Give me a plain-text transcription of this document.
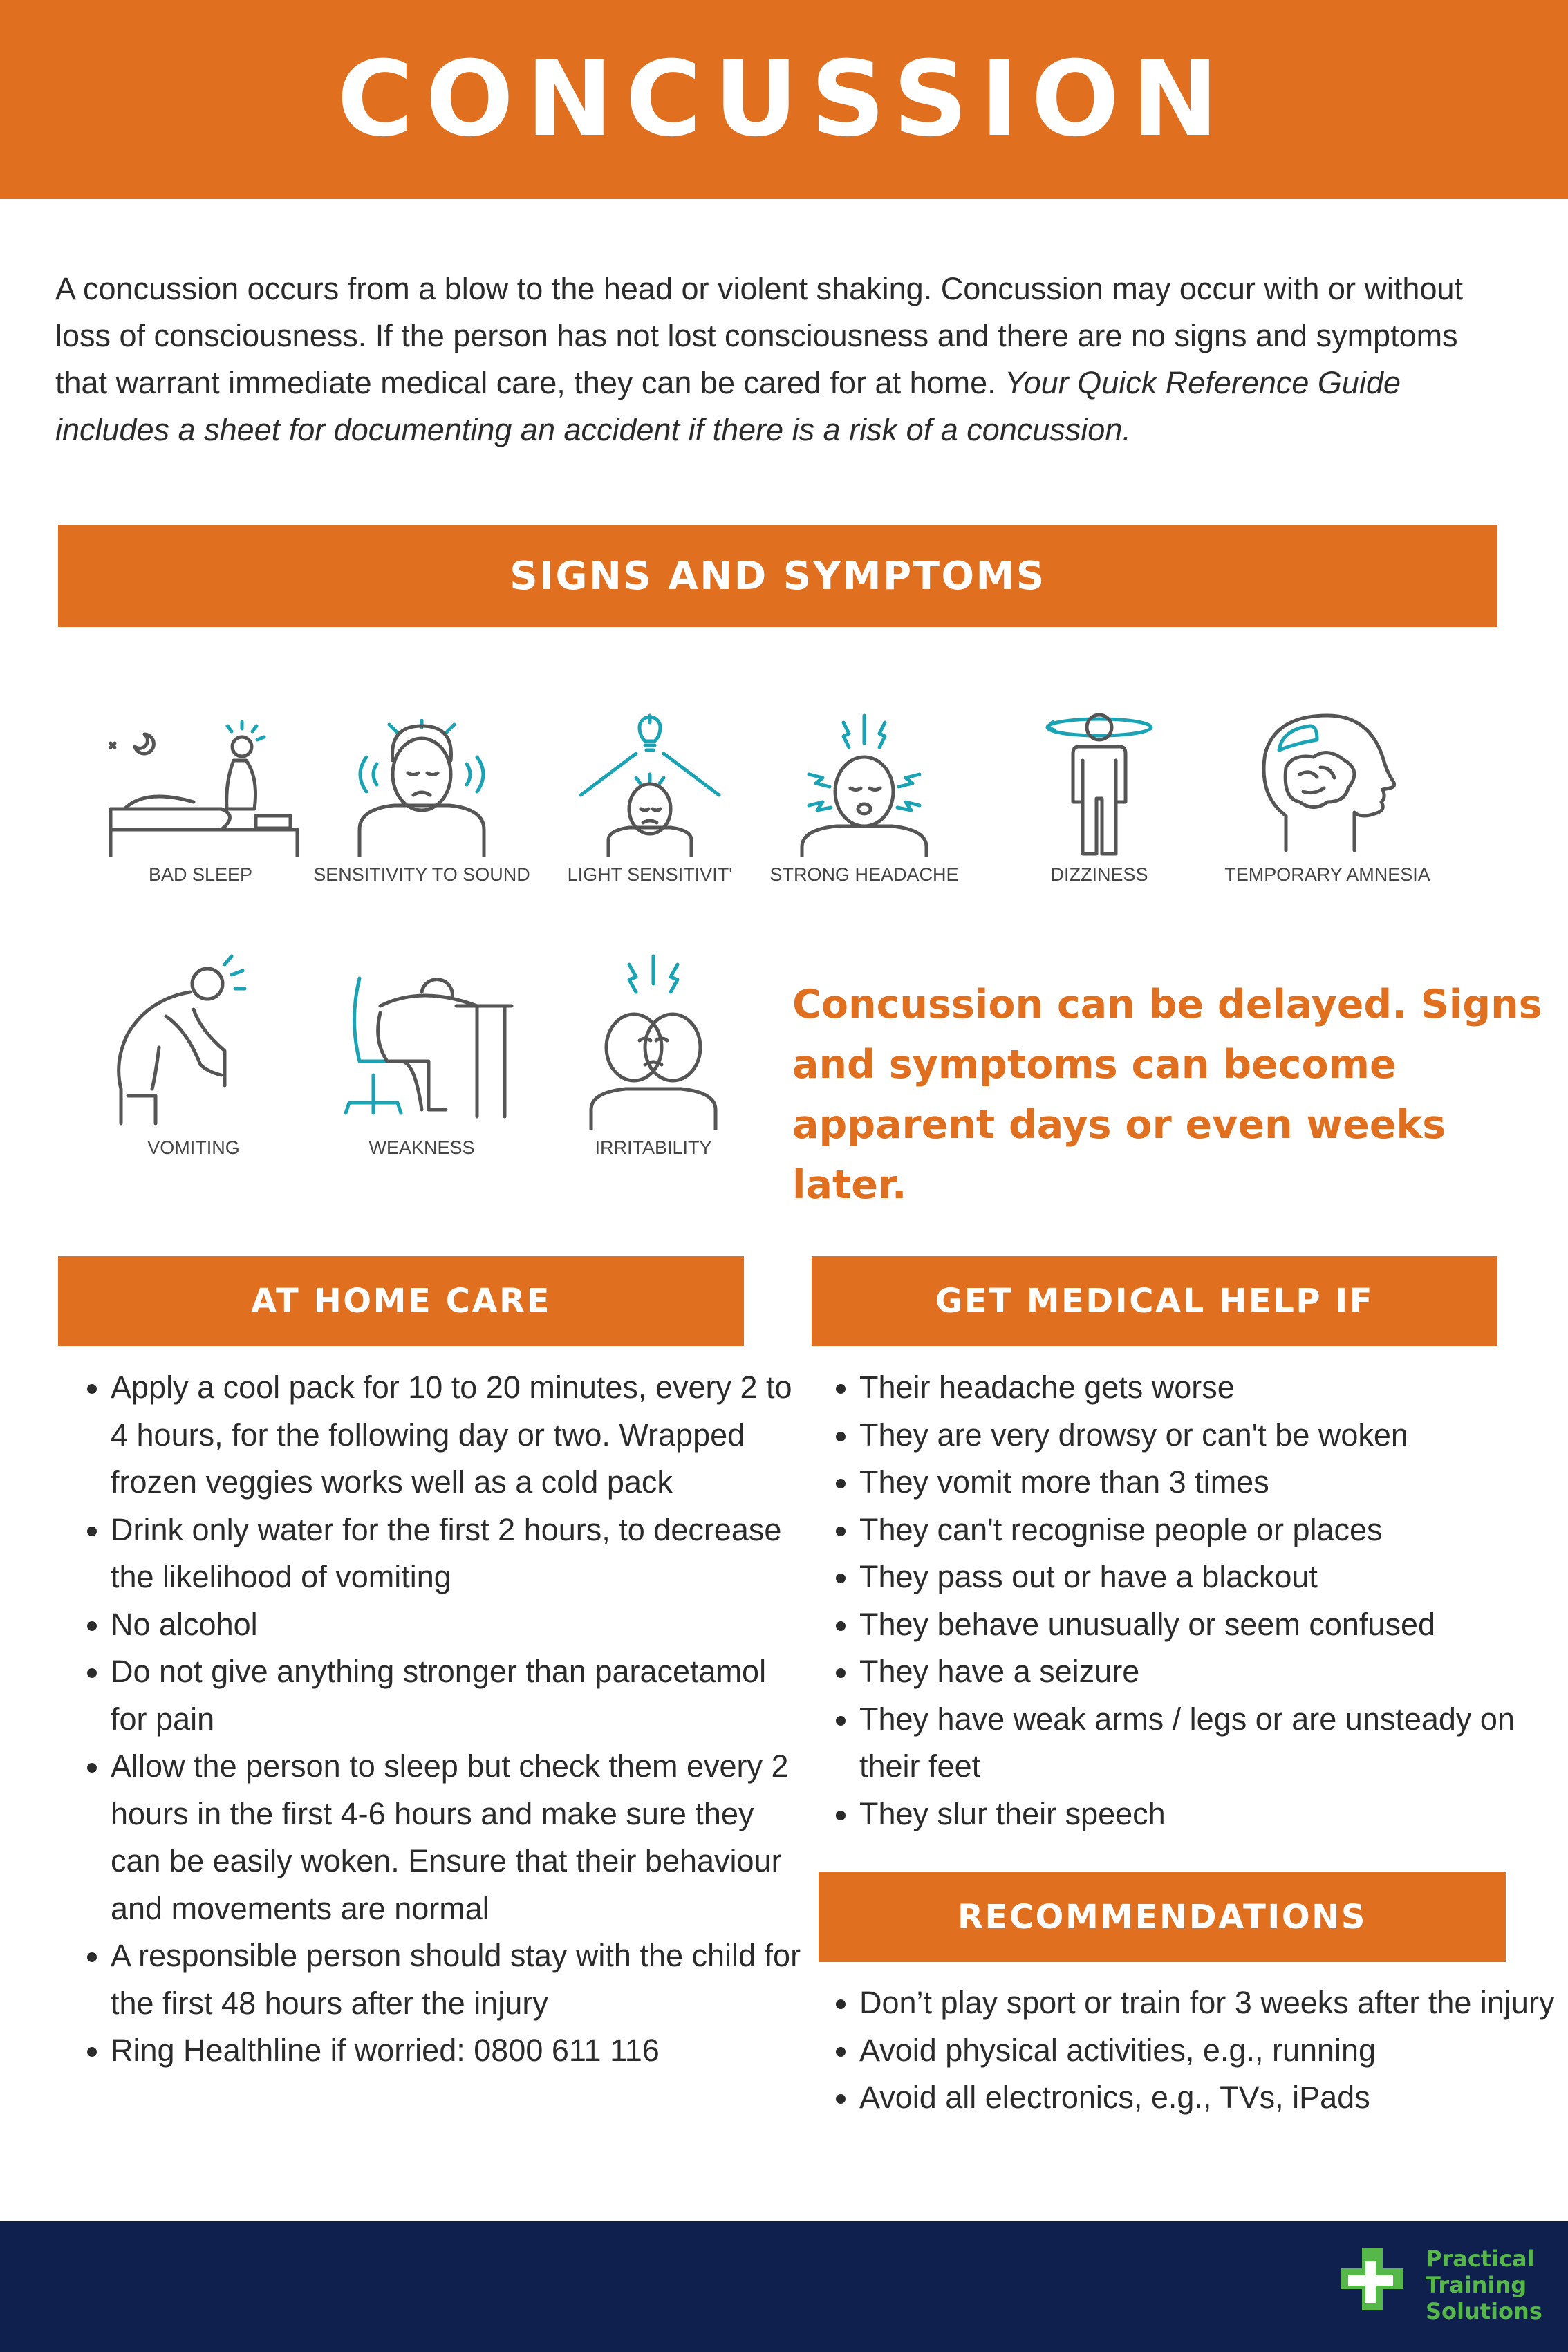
CONCUSSION

A concussion occurs from a blow to the head or violent shaking. Concussion may occur with or without loss of consciousness. If the person has not lost consciousness and there are no signs and symptoms that warrant immediate medical care, they can be cared for at home. Your Quick Reference Guide includes a sheet for documenting an accident if there is a risk of a concussion.

SIGNS AND SYMPTOMS
BAD SLEEP	SENSITIVITY TO SOUND	LIGHT SENSITIVIT'	STRONG HEADACHE	DIZZINESS	TEMPORARY AMNESIA
VOMITING	WEAKNESS	IRRITABILITY
Concussion can be delayed. Signs and symptoms can become apparent days or even weeks later.
AT HOME CARE
• Apply a cool pack for 10 to 20 minutes, every 2 to 4 hours, for the following day or two. Wrapped frozen veggies works well as a cold pack
• Drink only water for the first 2 hours, to decrease the likelihood of vomiting
• No alcohol
• Do not give anything stronger than paracetamol for pain
• Allow the person to sleep but check them every 2 hours in the first 4-6 hours and make sure they can be easily woken. Ensure that their behaviour and movements are normal
• A responsible person should stay with the child for the first 48 hours after the injury
• Ring Healthline if worried: 0800 611 116
GET MEDICAL HELP IF
• Their headache gets worse
• They are very drowsy or can't be woken
• They vomit more than 3 times
• They can't recognise people or places
• They pass out or have a blackout
• They behave unusually or seem confused
• They have a seizure
• They have weak arms / legs or are unsteady on their feet
• They slur their speech
RECOMMENDATIONS
• Don’t play sport or train for 3 weeks after the injury
• Avoid physical activities, e.g., running
• Avoid all electronics, e.g., TVs, iPads
Practical
Training
Solutions
